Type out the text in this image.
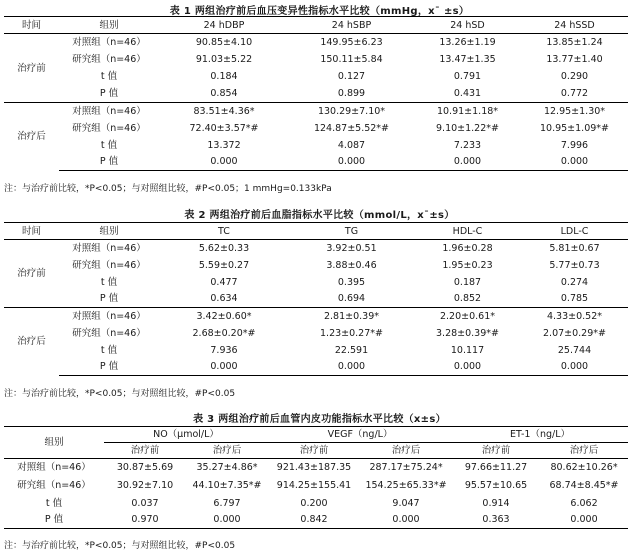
表 1 两组治疗前后血压变异性指标水平比较（mmHg，x¯ ±s）
时间	组别	24 hDBP	24 hSBP	24 hSD	24 hSSD
治疗前	对照组（n=46）	90.85±4.10	149.95±6.23	13.26±1.19	13.85±1.24
	研究组（n=46）	91.03±5.22	150.11±5.84	13.47±1.35	13.77±1.40
	t 值	0.184	0.127	0.791	0.290
	P 值	0.854	0.899	0.431	0.772
治疗后	对照组（n=46）	83.51±4.36*	130.29±7.10*	10.91±1.18*	12.95±1.30*
	研究组（n=46）	72.40±3.57*#	124.87±5.52*#	9.10±1.22*#	10.95±1.09*#
	t 值	13.372	4.087	7.233	7.996
	P 值	0.000	0.000	0.000	0.000
注：与治疗前比较，*P<0.05；与对照组比较，#P<0.05；1 mmHg=0.133kPa
表 2 两组治疗前后血脂指标水平比较（mmol/L，x¯±s）
时间	组别	TC	TG	HDL-C	LDL-C
治疗前	对照组（n=46）	5.62±0.33	3.92±0.51	1.96±0.28	5.81±0.67
	研究组（n=46）	5.59±0.27	3.88±0.46	1.95±0.23	5.77±0.73
	t 值	0.477	0.395	0.187	0.274
	P 值	0.634	0.694	0.852	0.785
治疗后	对照组（n=46）	3.42±0.60*	2.81±0.39*	2.20±0.61*	4.33±0.52*
	研究组（n=46）	2.68±0.20*#	1.23±0.27*#	3.28±0.39*#	2.07±0.29*#
	t 值	7.936	22.591	10.117	25.744
	P 值	0.000	0.000	0.000	0.000
注：与治疗前比较，*P<0.05；与对照组比较，#P<0.05
表 3 两组治疗前后血管内皮功能指标水平比较（x±s）
组别	NO（μmol/L）		VEGF（ng/L）		ET-1（ng/L）	
	治疗前	治疗后	治疗前	治疗后	治疗前	治疗后
对照组（n=46）	30.87±5.69	35.27±4.86*	921.43±187.35	287.17±75.24*	97.66±11.27	80.62±10.26*
研究组（n=46）	30.92±7.10	44.10±7.35*#	914.25±155.41	154.25±65.33*#	95.57±10.65	68.74±8.45*#
t 值	0.037	6.797	0.200	9.047	0.914	6.062
P 值	0.970	0.000	0.842	0.000	0.363	0.000
注：与治疗前比较，*P<0.05；与对照组比较，#P<0.05
